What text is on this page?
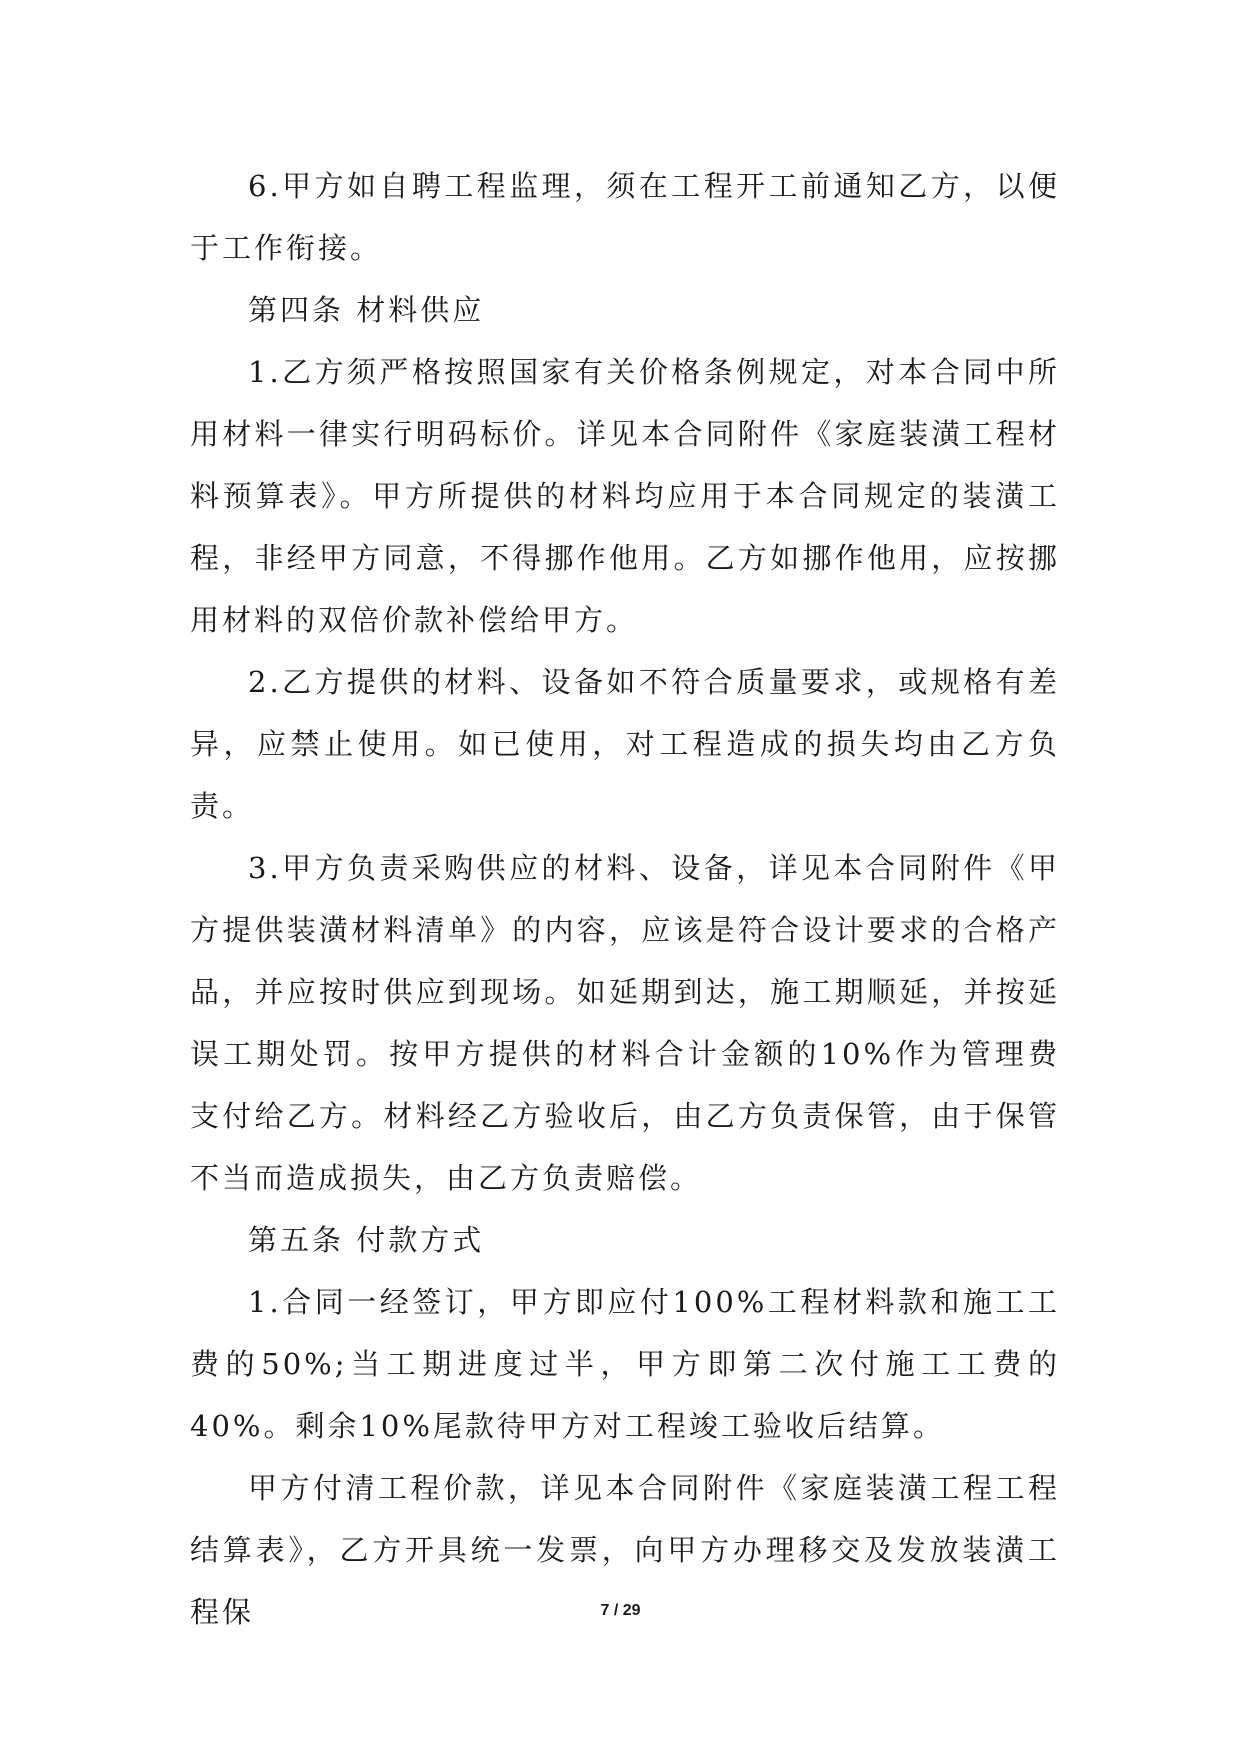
6.甲方如自聘工程监理，须在工程开工前通知乙方，以便于工作衔接。

第四条 材料供应

1.乙方须严格按照国家有关价格条例规定，对本合同中所用材料一律实行明码标价。详见本合同附件《家庭装潢工程材料预算表》。甲方所提供的材料均应用于本合同规定的装潢工程，非经甲方同意，不得挪作他用。乙方如挪作他用，应按挪用材料的双倍价款补偿给甲方。

2.乙方提供的材料、设备如不符合质量要求，或规格有差异，应禁止使用。如已使用，对工程造成的损失均由乙方负责。

3.甲方负责采购供应的材料、设备，详见本合同附件《甲方提供装潢材料清单》的内容，应该是符合设计要求的合格产品，并应按时供应到现场。如延期到达，施工期顺延，并按延误工期处罚。按甲方提供的材料合计金额的10%作为管理费支付给乙方。材料经乙方验收后，由乙方负责保管，由于保管不当而造成损失，由乙方负责赔偿。

第五条 付款方式

1.合同一经签订，甲方即应付100%工程材料款和施工工费的50%;当工期进度过半，甲方即第二次付施工工费的40%。剩余10%尾款待甲方对工程竣工验收后结算。

甲方付清工程价款，详见本合同附件《家庭装潢工程工程结算表》，乙方开具统一发票，向甲方办理移交及发放装潢工程保	7 / 29
